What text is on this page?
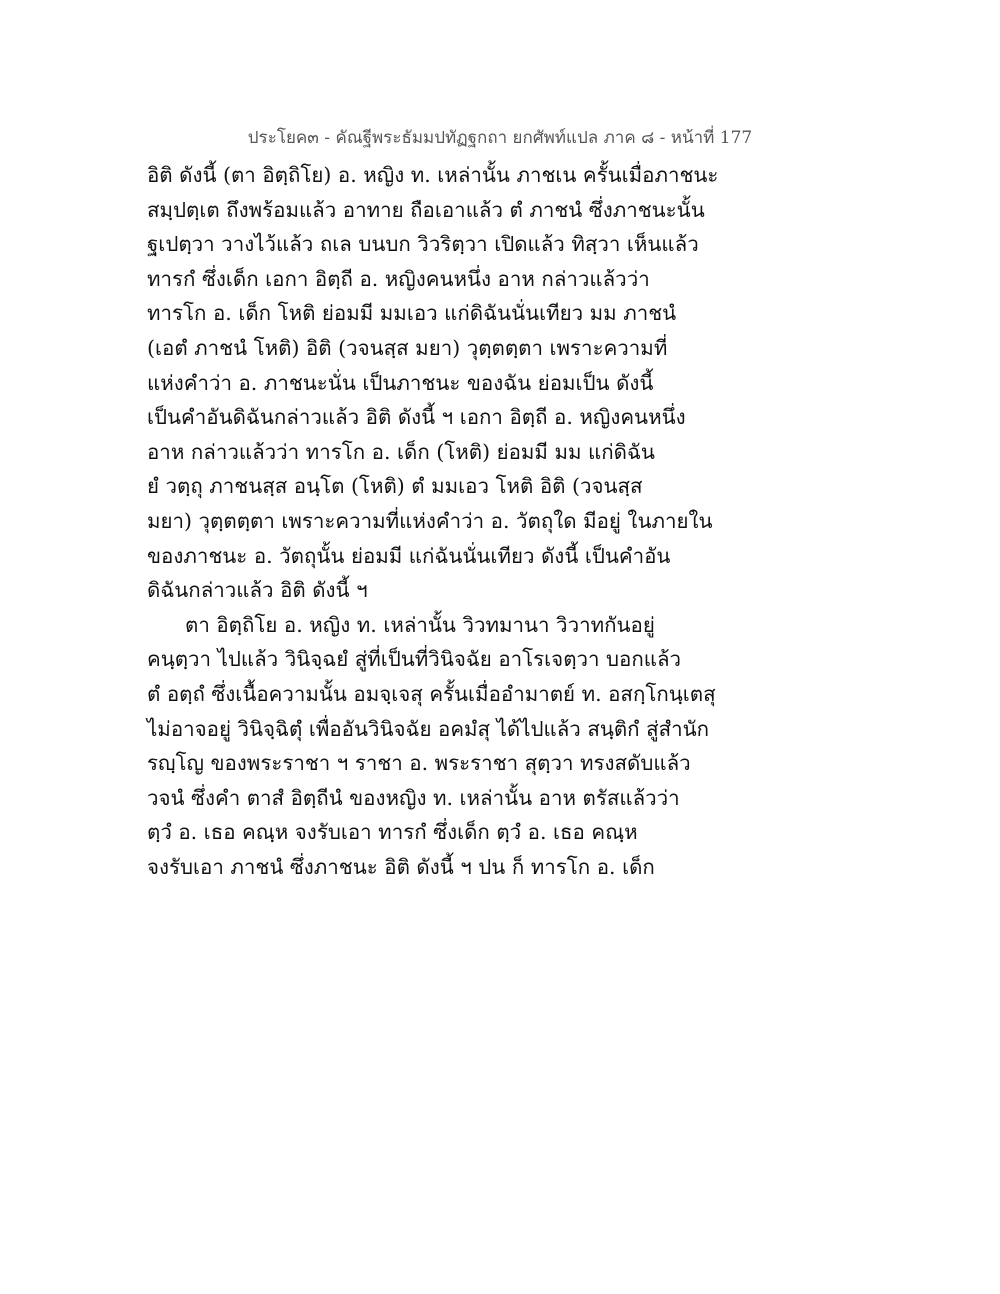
ประโยค๓ - คัณฐีพระธัมมปทัฏฐกถา ยกศัพท์แปล ภาค ๘ - หน้าที่ 177
อิติ ดังนี้ (ตา อิตฺถิโย) อ. หญิง ท. เหล่านั้น ภาชเน ครั้นเมื่อภาชนะ
สมฺปตฺเต ถึงพร้อมแล้ว อาทาย ถือเอาแล้ว ตํ ภาชนํ ซึ่งภาชนะนั้น
ฐเปตฺวา วางไว้แล้ว ถเล บนบก วิวริตฺวา เปิดแล้ว ทิสฺวา เห็นแล้ว
ทารกํ ซึ่งเด็ก เอกา อิตฺถี อ. หญิงคนหนึ่ง อาห กล่าวแล้วว่า
ทารโก อ. เด็ก โหติ ย่อมมี มมเอว แก่ดิฉันนั่นเทียว มม ภาชนํ
(เอตํ ภาชนํ โหติ) อิติ (วจนสฺส มยา) วุตฺตตฺตา เพราะความที่
แห่งคำว่า อ. ภาชนะนั่น เป็นภาชนะ ของฉัน ย่อมเป็น ดังนี้
เป็นคำอันดิฉันกล่าวแล้ว อิติ ดังนี้ ฯ เอกา อิตฺถี อ. หญิงคนหนึ่ง
อาห กล่าวแล้วว่า ทารโก อ. เด็ก (โหติ) ย่อมมี มม แก่ดิฉัน
ยํ วตฺถุ ภาชนสฺส อนฺโต (โหติ) ตํ มมเอว โหติ อิติ (วจนสฺส
มยา) วุตฺตตฺตา เพราะความที่แห่งคำว่า อ. วัตถุใด มีอยู่ ในภายใน
ของภาชนะ อ. วัตถุนั้น ย่อมมี แก่ฉันนั่นเทียว ดังนี้ เป็นคำอัน
ดิฉันกล่าวแล้ว อิติ ดังนี้ ฯ
ตา อิตฺถิโย อ. หญิง ท. เหล่านั้น วิวทมานา วิวาทกันอยู่
คนฺตฺวา ไปแล้ว วินิจฺฉยํ สู่ที่เป็นที่วินิจฉัย อาโรเจตฺวา บอกแล้ว
ตํ อตฺถํ ซึ่งเนื้อความนั้น อมจฺเจสุ ครั้นเมื่ออำมาตย์ ท. อสกฺโกนฺเตสุ
ไม่อาจอยู่ วินิจฺฉิตุํ เพื่ออันวินิจฉัย อคมํสุ ได้ไปแล้ว สนฺติกํ สู่สำนัก
รญฺโญ ของพระราชา ฯ ราชา อ. พระราชา สุตฺวา ทรงสดับแล้ว
วจนํ ซึ่งคำ ตาสํ อิตฺถีนํ ของหญิง ท. เหล่านั้น อาห ตรัสแล้วว่า
ตฺวํ อ. เธอ คณฺห จงรับเอา ทารกํ ซึ่งเด็ก ตฺวํ อ. เธอ คณฺห
จงรับเอา ภาชนํ ซึ่งภาชนะ อิติ ดังนี้ ฯ ปน ก็ ทารโก อ. เด็ก
